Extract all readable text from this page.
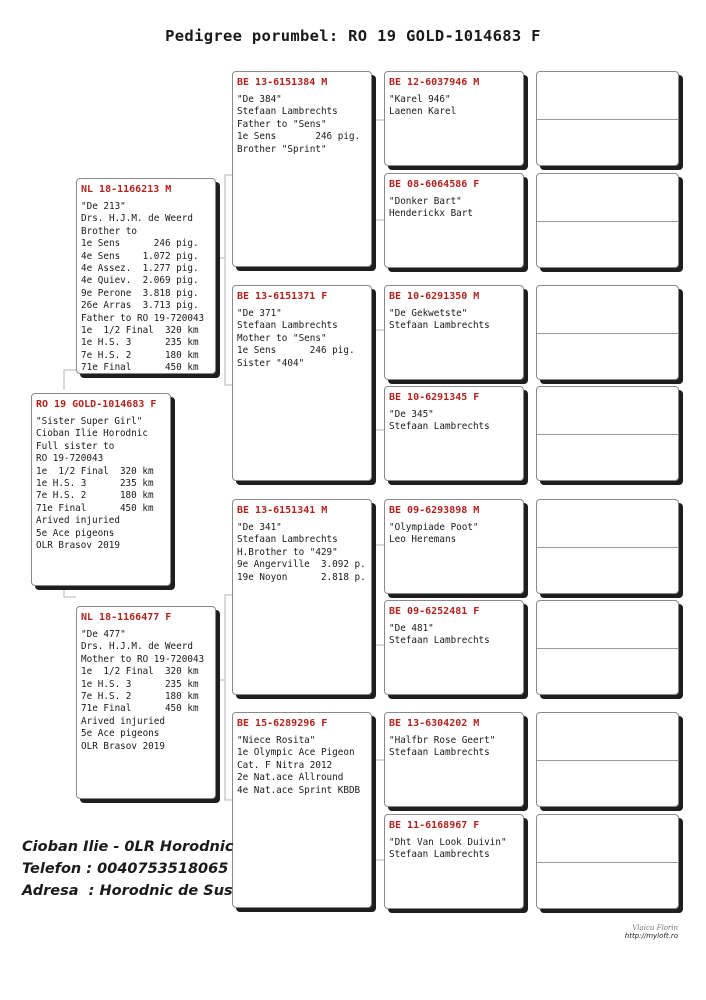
Pedigree porumbel: RO 19 GOLD-1014683 F
RO 19 GOLD-1014683 F
"Sister Super Girl"
Cioban Ilie Horodnic
Full sister to
RO 19-720043
1e  1/2 Final  320 km
1e H.S. 3      235 km
7e H.S. 2      180 km
71e Final      450 km
Arived injuried
5e Ace pigeons
OLR Brasov 2019
NL 18-1166213 M
"De 213"
Drs. H.J.M. de Weerd
Brother to
1e Sens      246 pig.
4e Sens    1.072 pig.
4e Assez.  1.277 pig.
4e Quiev.  2.069 pig.
9e Perone  3.818 pig.
26e Arras  3.713 pig.
Father to RO 19-720043
1e  1/2 Final  320 km
1e H.S. 3      235 km
7e H.S. 2      180 km
71e Final      450 km
NL 18-1166477 F
"De 477"
Drs. H.J.M. de Weerd
Mother to RO 19-720043
1e  1/2 Final  320 km
1e H.S. 3      235 km
7e H.S. 2      180 km
71e Final      450 km
Arived injuried
5e Ace pigeons
OLR Brasov 2019
BE 13-6151384 M
"De 384"
Stefaan Lambrechts
Father to "Sens"
1e Sens       246 pig.
Brother "Sprint"
BE 13-6151371 F
"De 371"
Stefaan Lambrechts
Mother to "Sens"
1e Sens      246 pig.
Sister "404"
BE 13-6151341 M
"De 341"
Stefaan Lambrechts
H.Brother to "429"
9e Angerville  3.092 p.
19e Noyon      2.818 p.
BE 15-6289296 F
"Niece Rosita"
1e Olympic Ace Pigeon
Cat. F Nitra 2012
2e Nat.ace Allround
4e Nat.ace Sprint KBDB
BE 12-6037946 M
"Karel 946"
Laenen Karel
BE 08-6064586 F
"Donker Bart"
Henderickx Bart
BE 10-6291350 M
"De Gekwetste"
Stefaan Lambrechts
BE 10-6291345 F
"De 345"
Stefaan Lambrechts
BE 09-6293898 M
"Olympiade Poot"
Leo Heremans
BE 09-6252481 F
"De 481"
Stefaan Lambrechts
BE 13-6304202 M
"Halfbr Rose Geert"
Stefaan Lambrechts
BE 11-6168967 F
"Dht Van Look Duivin"
Stefaan Lambrechts
Cioban Ilie - 0LR Horodnic
Telefon : 0040753518065
Adresa  : Horodnic de Sus
Vlaicu Florin
http://myloft.ro
